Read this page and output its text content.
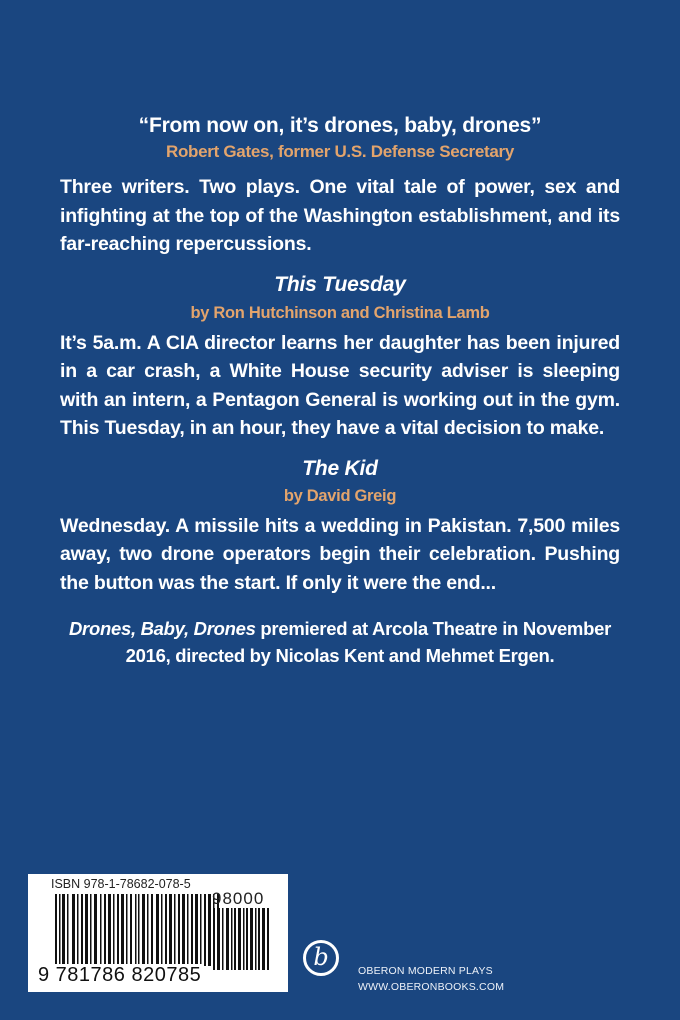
“From now on, it’s drones, baby, drones”
Robert Gates, former U.S. Defense Secretary
Three writers. Two plays. One vital tale of power, sex and infighting at the top of the Washington establishment, and its far-reaching repercussions.
This Tuesday
by Ron Hutchinson and Christina Lamb
It’s 5a.m. A CIA director learns her daughter has been injured in a car crash, a White House security adviser is sleeping with an intern, a Pentagon General is working out in the gym. This Tuesday, in an hour, they have a vital decision to make.
The Kid
by David Greig
Wednesday. A missile hits a wedding in Pakistan. 7,500 miles away, two drone operators begin their celebration. Pushing the button was the start. If only it were the end...
Drones, Baby, Drones premiered at Arcola Theatre in November 2016, directed by Nicolas Kent and Mehmet Ergen.
ISBN 978-1-78682-078-5
98000
9 781786 820785
b	OBERON MODERN PLAYS
WWW.OBERONBOOKS.COM
